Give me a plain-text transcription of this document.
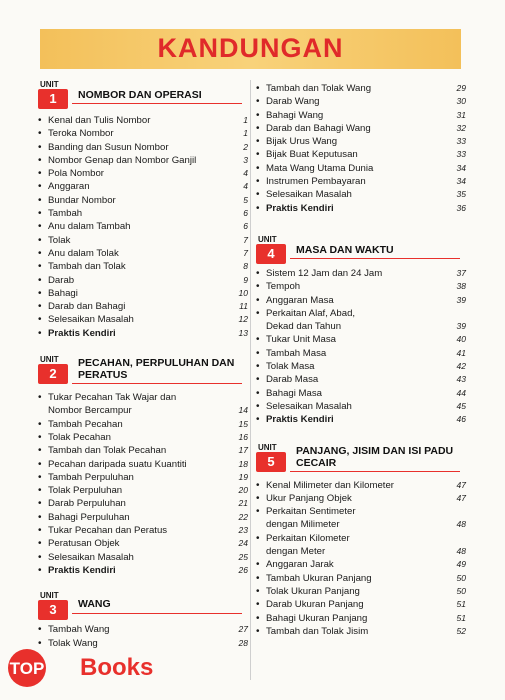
KANDUNGAN
UNIT
1	NOMBOR DAN OPERASI
• Kenal dan Tulis Nombor	1
• Teroka Nombor	1
• Banding dan Susun Nombor	2
• Nombor Genap dan Nombor Ganjil	3
• Pola Nombor	4
• Anggaran	4
• Bundar Nombor	5
• Tambah	6
• Anu dalam Tambah	6
• Tolak	7
• Anu dalam Tolak	7
• Tambah dan Tolak	8
• Darab	9
• Bahagi	10
• Darab dan Bahagi	11
• Selesaikan Masalah	12
• Praktis Kendiri	13
UNIT
2
PECAHAN, PERPULUHAN DAN PERATUS
• Tukar Pecahan Tak Wajar dan
Nombor Bercampur	14
• Tambah Pecahan	15
• Tolak Pecahan	16
• Tambah dan Tolak Pecahan	17
• Pecahan daripada suatu Kuantiti	18
• Tambah Perpuluhan	19
• Tolak Perpuluhan	20
• Darab Perpuluhan	21
• Bahagi Perpuluhan	22
• Tukar Pecahan dan Peratus	23
• Peratusan Objek	24
• Selesaikan Masalah	25
• Praktis Kendiri	26
UNIT
3	WANG
• Tambah Wang	27
• Tolak Wang	28
• Tambah dan Tolak Wang	29
• Darab Wang	30
• Bahagi Wang	31
• Darab dan Bahagi Wang	32
• Bijak Urus Wang	33
• Bijak Buat Keputusan	33
• Mata Wang Utama Dunia	34
• Instrumen Pembayaran	34
• Selesaikan Masalah	35
• Praktis Kendiri	36
UNIT
4	MASA DAN WAKTU
• Sistem 12 Jam dan 24 Jam	37
• Tempoh	38
• Anggaran Masa	39
• Perkaitan Alaf, Abad,
Dekad dan Tahun	39
• Tukar Unit Masa	40
• Tambah Masa	41
• Tolak Masa	42
• Darab Masa	43
• Bahagi Masa	44
• Selesaikan Masalah	45
• Praktis Kendiri	46
UNIT
5
PANJANG, JISIM DAN ISI PADU CECAIR
• Kenal Milimeter dan Kilometer	47
• Ukur Panjang Objek	47
• Perkaitan Sentimeter
dengan Milimeter	48
• Perkaitan Kilometer
dengan Meter	48
• Anggaran Jarak	49
• Tambah Ukuran Panjang	50
• Tolak Ukuran Panjang	50
• Darab Ukuran Panjang	51
• Bahagi Ukuran Panjang	51
• Tambah dan Tolak Jisim	52
TOP Books
